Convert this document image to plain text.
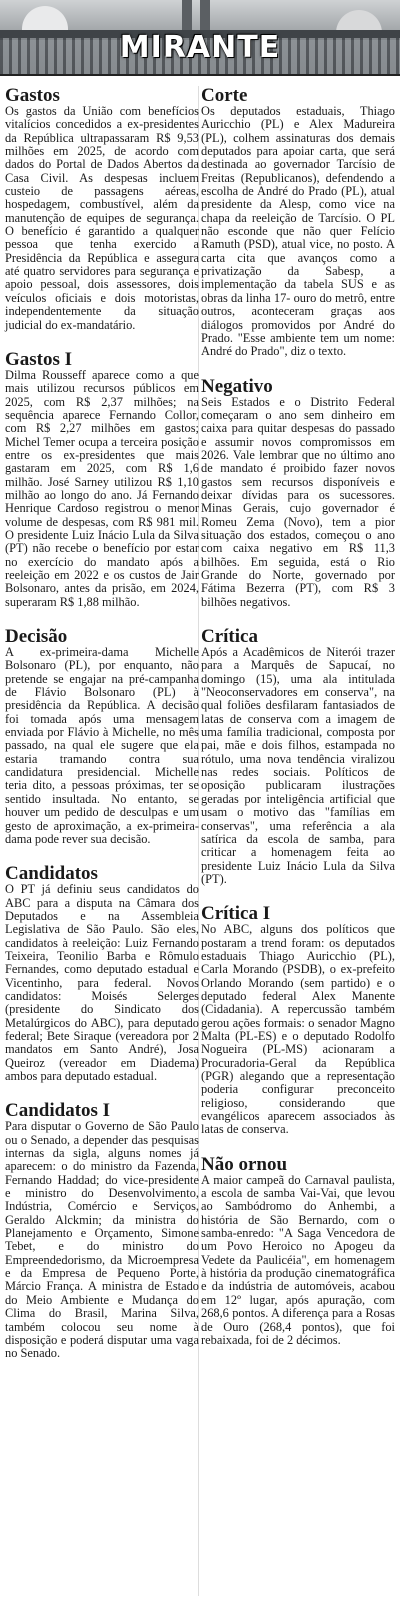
MIRANTE
Gastos

Os gastos da União com benefícios vitalícios concedidos a ex-presidentes da República ultrapassaram R$ 9,53 milhões em 2025, de acordo com dados do Portal de Dados Abertos da Casa Civil. As despesas incluem custeio de passagens aéreas, hospedagem, combustível, além da manutenção de equipes de segurança. O benefício é garantido a qualquer pessoa que tenha exercido a Presidência da República e assegura até quatro servidores para segurança e apoio pessoal, dois assessores, dois veículos oficiais e dois motoristas, independentemente da situação judicial do ex-mandatário.

Gastos I

Dilma Rousseff aparece como a que mais utilizou recursos públicos em 2025, com R$ 2,37 milhões; na sequência aparece Fernando Collor, com R$ 2,27 milhões em gastos; Michel Temer ocupa a terceira posição entre os ex-presidentes que mais gastaram em 2025, com R$ 1,6 milhão. José Sarney utilizou R$ 1,10 milhão ao longo do ano. Já Fernando Henrique Cardoso registrou o menor volume de despesas, com R$ 981 mil. O presidente Luiz Inácio Lula da Silva (PT) não recebe o benefício por estar no exercício do mandato após a reeleição em 2022 e os custos de Jair Bolsonaro, antes da prisão, em 2024, superaram R$ 1,88 milhão.

Decisão

A ex-primeira-dama Michelle Bolsonaro (PL), por enquanto, não pretende se engajar na pré-campanha de Flávio Bolsonaro (PL) à presidência da República. A decisão foi tomada após uma mensagem enviada por Flávio à Michelle, no mês passado, na qual ele sugere que ela estaria tramando contra sua candidatura presidencial. Michelle teria dito, a pessoas próximas, ter se sentido insultada. No entanto, se houver um pedido de desculpas e um gesto de aproximação, a ex-primeira-dama pode rever sua decisão.

Candidatos

O PT já definiu seus candidatos do ABC para a disputa na Câmara dos Deputados e na Assembleia Legislativa de São Paulo. São eles, candidatos à reeleição: Luiz Fernando Teixeira, Teonilio Barba e Rômulo Fernandes, como deputado estadual e Vicentinho, para federal. Novos candidatos: Moisés Selerges (presidente do Sindicato dos Metalúrgicos do ABC), para deputado federal; Bete Siraque (vereadora por 2 mandatos em Santo André), Josa Queiroz (vereador em Diadema) ambos para deputado estadual.

Candidatos I

Para disputar o Governo de São Paulo ou o Senado, a depender das pesquisas internas da sigla, alguns nomes já aparecem: o do ministro da Fazenda, Fernando Haddad; do vice-presidente e ministro do Desenvolvimento, Indústria, Comércio e Serviços, Geraldo Alckmin; da ministra do Planejamento e Orçamento, Simone Tebet, e do ministro do Empreendedorismo, da Microempresa e da Empresa de Pequeno Porte, Márcio França. A ministra de Estado do Meio Ambiente e Mudança do Clima do Brasil, Marina Silva, também colocou seu nome à disposição e poderá disputar uma vaga no Senado.

Corte

Os deputados estaduais, Thiago Auricchio (PL) e Alex Madureira (PL), colhem assinaturas dos demais deputados para apoiar carta, que será destinada ao governador Tarcísio de Freitas (Republicanos), defendendo a escolha de André do Prado (PL), atual presidente da Alesp, como vice na chapa da reeleição de Tarcísio. O PL não esconde que não quer Felício Ramuth (PSD), atual vice, no posto. A carta cita que avanços como a privatização da Sabesp, a implementação da tabela SUS e as obras da linha 17- ouro do metrô, entre outros, aconteceram graças aos diálogos promovidos por André do Prado. "Esse ambiente tem um nome: André do Prado", diz o texto.

Negativo

Seis Estados e o Distrito Federal começaram o ano sem dinheiro em caixa para quitar despesas do passado e assumir novos compromissos em 2026. Vale lembrar que no último ano de mandato é proibido fazer novos gastos sem recursos disponíveis e deixar dívidas para os sucessores. Minas Gerais, cujo governador é Romeu Zema (Novo), tem a pior situação dos estados, começou o ano com caixa negativo em R$ 11,3 bilhões. Em seguida, está o Rio Grande do Norte, governado por Fátima Bezerra (PT), com R$ 3 bilhões negativos.

Crítica

Após a Acadêmicos de Niterói trazer para a Marquês de Sapucaí, no domingo (15), uma ala intitulada "Neoconservadores em conserva", na qual foliões desfilaram fantasiados de latas de conserva com a imagem de uma família tradicional, composta por pai, mãe e dois filhos, estampada no rótulo, uma nova tendência viralizou nas redes sociais. Políticos de oposição publicaram ilustrações geradas por inteligência artificial que usam o motivo das "famílias em conservas", uma referência a ala satírica da escola de samba, para criticar a homenagem feita ao presidente Luiz Inácio Lula da Silva (PT).

Crítica I

No ABC, alguns dos políticos que postaram a trend foram: os deputados estaduais Thiago Auricchio (PL), Carla Morando (PSDB), o ex-prefeito Orlando Morando (sem partido) e o deputado federal Alex Manente (Cidadania). A repercussão também gerou ações formais: o senador Magno Malta (PL-ES) e o deputado Rodolfo Nogueira (PL-MS) acionaram a Procuradoria-Geral da República (PGR) alegando que a representação poderia configurar preconceito religioso, considerando que evangélicos aparecem associados às latas de conserva.

Não ornou

A maior campeã do Carnaval paulista, a escola de samba Vai-Vai, que levou ao Sambódromo do Anhembi, a história de São Bernardo, com o samba-enredo: "A Saga Vencedora de um Povo Heroico no Apogeu da Vedete da Paulicéia", em homenagem à história da produção cinematográfica e da indústria de automóveis, acabou em 12º lugar, após apuração, com 268,6 pontos. A diferença para a Rosas de Ouro (268,4 pontos), que foi rebaixada, foi de 2 décimos.
